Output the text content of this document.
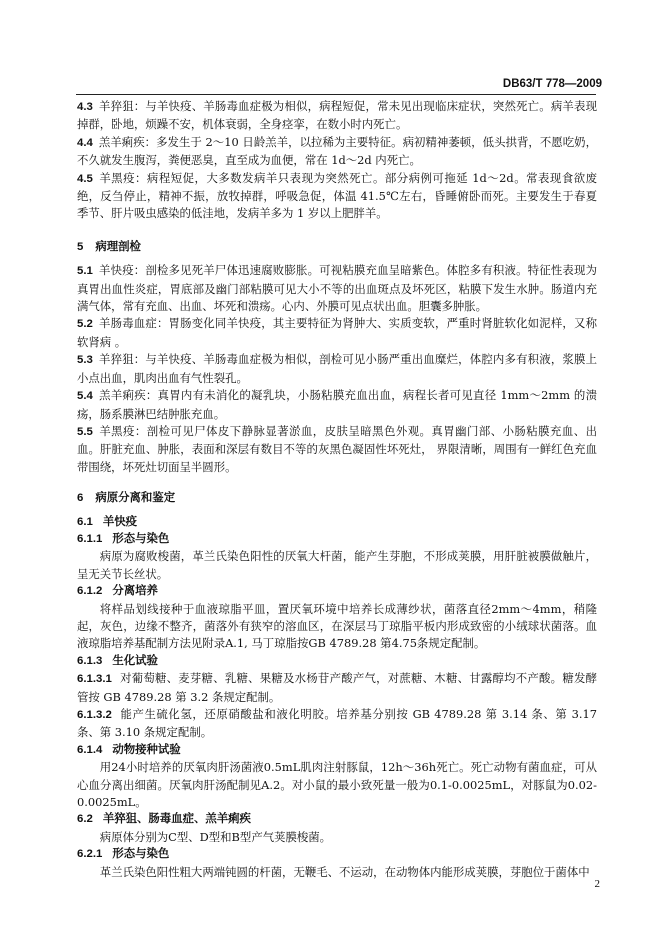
DB63/T 778—2009

4.3 羊猝狙：与羊快疫、羊肠毒血症极为相似，病程短促，常未见出现临床症状，突然死亡。病羊表现掉群，卧地，烦躁不安，机体衰弱，全身痉挛，在数小时内死亡。

4.4 羔羊痢疾：多发生于 2～10 日龄羔羊，以拉稀为主要特征。病初精神萎顿，低头拱背，不愿吃奶，不久就发生腹泻，粪便恶臭，直至成为血便，常在 1d～2d 内死亡。

4.5 羊黑疫：病程短促，大多数发病羊只表现为突然死亡。部分病例可拖延 1d～2d。常表现食欲废绝，反刍停止，精神不振，放牧掉群，呼吸急促，体温 41.5℃左右，昏睡俯卧而死。主要发生于春夏季节、肝片吸虫感染的低洼地，发病羊多为 1 岁以上肥胖羊。

5 病理剖检

5.1 羊快疫：剖检多见死羊尸体迅速腐败膨胀。可视粘膜充血呈暗紫色。体腔多有积液。特征性表现为真胃出血性炎症，胃底部及幽门部粘膜可见大小不等的出血斑点及坏死区，粘膜下发生水肿。肠道内充满气体，常有充血、出血、坏死和溃疡。心内、外膜可见点状出血。胆囊多肿胀。

5.2 羊肠毒血症：胃肠变化同羊快疫，其主要特征为肾肿大、实质变软，严重时肾脏软化如泥样，又称软肾病 。

5.3 羊猝狙：与羊快疫、羊肠毒血症极为相似，剖检可见小肠严重出血糜烂，体腔内多有积液，浆膜上小点出血，肌肉出血有气性裂孔。

5.4 羔羊痢疾：真胃内有未消化的凝乳块，小肠粘膜充血出血，病程长者可见直径 1mm～2mm 的溃疡，肠系膜淋巴结肿胀充血。

5.5 羊黑疫：剖检可见尸体皮下静脉显著淤血，皮肤呈暗黑色外观。真胃幽门部、小肠粘膜充血、出血。肝脏充血、肿胀，表面和深层有数目不等的灰黑色凝固性坏死灶， 界限清晰，周围有一鲜红色充血带围绕，坏死灶切面呈半圆形。

6 病原分离和鉴定
6.1 羊快疫
6.1.1 形态与染色

病原为腐败梭菌，革兰氏染色阳性的厌氧大杆菌，能产生芽胞，不形成荚膜，用肝脏被膜做触片，呈无关节长丝状。

6.1.2 分离培养

将样品划线接种于血液琼脂平皿，置厌氧环境中培养长成薄纱状，菌落直径2mm～4mm，稍隆起，灰色，边缘不整齐，菌落外有狭窄的溶血区，在深层马丁琼脂平板内形成致密的小绒球状菌落。血液琼脂培养基配制方法见附录A.1, 马丁琼脂按GB 4789.28 第4.75条规定配制。

6.1.3 生化试验

6.1.3.1 对葡萄糖、麦芽糖、乳糖、果糖及水杨苷产酸产气，对蔗糖、木糖、甘露醇均不产酸。糖发酵管按 GB 4789.28 第 3.2 条规定配制。

6.1.3.2 能产生硫化氢，还原硝酸盐和液化明胶。培养基分别按 GB 4789.28 第 3.14 条、第 3.17 条、第 3.10 条规定配制。

6.1.4 动物接种试验

用24小时培养的厌氧肉肝汤菌液0.5mL肌肉注射豚鼠，12h～36h死亡。死亡动物有菌血症，可从心血分离出细菌。厌氧肉肝汤配制见A.2。对小鼠的最小致死量一般为0.1-0.0025mL，对豚鼠为0.02-0.0025mL。

6.2 羊猝狙、肠毒血症、羔羊痢疾

病原体分别为C型、D型和B型产气荚膜梭菌。

6.2.1 形态与染色

革兰氏染色阳性粗大两端钝圆的杆菌，无鞭毛、不运动，在动物体内能形成荚膜，芽胞位于菌体中

2
